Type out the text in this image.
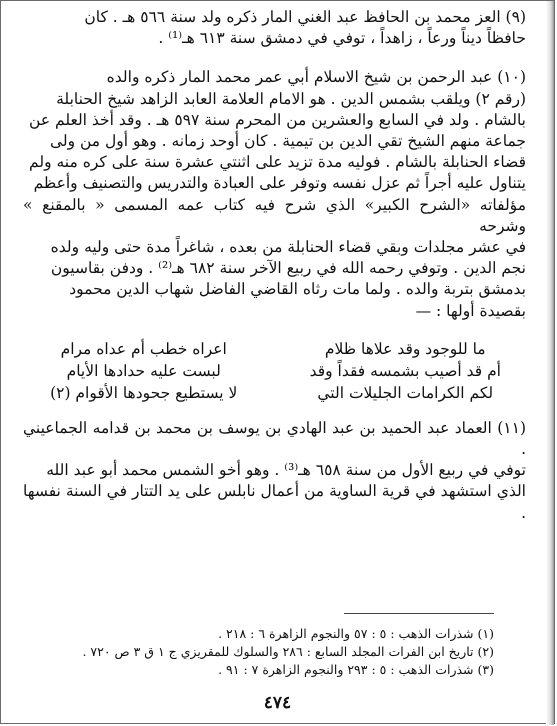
(٩) العز محمد بن الحافظ عبد الغني المار ذكره ولد سنة ٥٦٦ هـ . كان
حافظاً ديناً ورعاً ، زاهداً ، توفي في دمشق سنة ٦١٣ هـ⁽¹⁾ .

(١٠) عبد الرحمن بن شيخ الاسلام أبي عمر محمد المار ذكره والده
(رقم ٢) ويلقب بشمس الدين . هو الامام العلامة العابد الزاهد شيخ الحنابلة
بالشام . ولد في السابع والعشرين من المحرم سنة ٥٩٧ هـ . وقد أخذ العلم عن
جماعة منهم الشيخ تقي الدين بن تيمية . كان أوحد زمانه . وهو أول من ولى
قضاء الحنابلة بالشام . فوليه مدة تزيد على اثنتي عشرة سنة على كره منه ولم
يتناول عليه أجراً ثم عزل نفسه وتوفر على العبادة والتدريس والتصنيف وأعظم
مؤلفاته «الشرح الكبير» الذي شرح فيه كتاب عمه المسمى « بالمقنع » وشرحه
في عشر مجلدات وبقي قضاء الحنابلة من بعده ، شاغراً مدة حتى وليه ولده
نجم الدين . وتوفي رحمه الله في ربيع الآخر سنة ٦٨٢ هـ⁽²⁾ . ودفن بقاسيون
بدمشق بتربة والده . ولما مات رثاه القاضي الفاضل شهاب الدين محمود
بقصيدة أولها : —

ما للوجود وقد علاها ظلام
اعراه خطب أم عداه مرام
أم قد أصيب بشمسه فقداً وقد
لبست عليه حدادها الأيام
لكم الكرامات الجليلات التي
لا يستطيع جحودها الأقوام (٢)

(١١) العماد عبد الحميد بن عبد الهادي بن يوسف بن محمد بن قدامه الجماعيني .
توفي في ربيع الأول من سنة ٦٥٨ هـ⁽³⁾ . وهو أخو الشمس محمد أبو عبد الله
الذي استشهد في قرية الساوية من أعمال نابلس على يد التتار في السنة نفسها .

(١) شذرات الذهب : ٥ : ٥٧ والنجوم الزاهرة ٦ : ٢١٨ .

(٢) تاريخ ابن الفرات المجلد السابع : ٢٨٦ والسلوك للمقريزي ج ١ ق ٣ ص ٧٢٠ .

(٣) شذرات الذهب : ٥ : ٢٩٣ والنجوم الزاهرة ٧ : ٩١ .

٤٧٤
